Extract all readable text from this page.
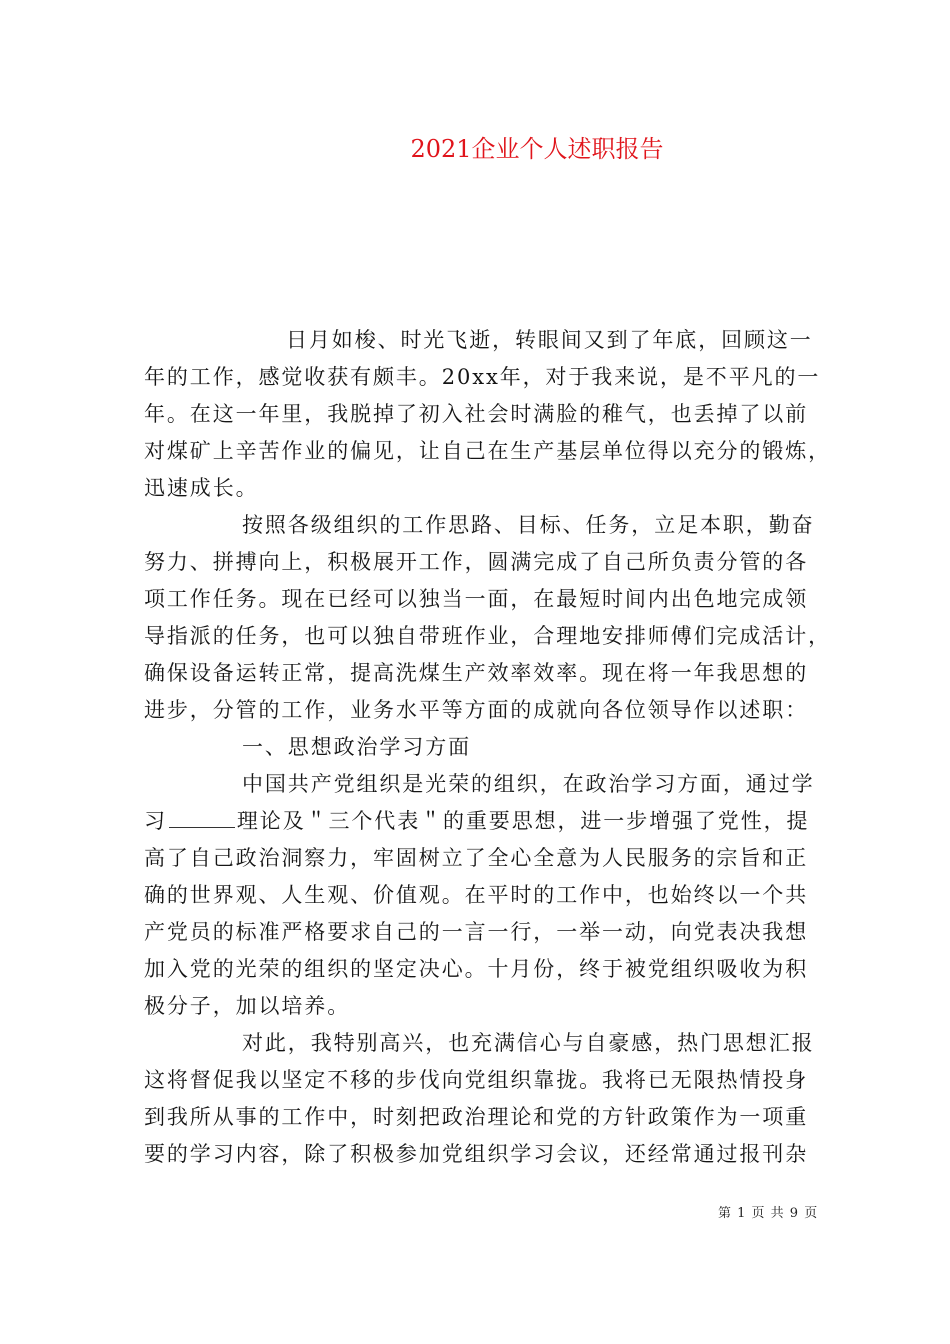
2021企业个人述职报告
日月如梭、时光飞逝，转眼间又到了年底，回顾这一
年的工作，感觉收获有颇丰。20xx年，对于我来说，是不平凡的一
年。在这一年里，我脱掉了初入社会时满脸的稚气，也丢掉了以前
对煤矿上辛苦作业的偏见，让自己在生产基层单位得以充分的锻炼，
迅速成长。
按照各级组织的工作思路、目标、任务，立足本职，勤奋
努力、拼搏向上，积极展开工作，圆满完成了自己所负责分管的各
项工作任务。现在已经可以独当一面，在最短时间内出色地完成领
导指派的任务，也可以独自带班作业，合理地安排师傅们完成活计，
确保设备运转正常，提高洗煤生产效率效率。现在将一年我思想的
进步，分管的工作，业务水平等方面的成就向各位领导作以述职：
一、思想政治学习方面
中国共产党组织是光荣的组织，在政治学习方面，通过学
习	理论及＂三个代表＂的重要思想，进一步增强了党性，提
高了自己政治洞察力，牢固树立了全心全意为人民服务的宗旨和正
确的世界观、人生观、价值观。在平时的工作中，也始终以一个共
产党员的标准严格要求自己的一言一行，一举一动，向党表决我想
加入党的光荣的组织的坚定决心。十月份，终于被党组织吸收为积
极分子，加以培养。
对此，我特别高兴，也充满信心与自豪感，热门思想汇报
这将督促我以坚定不移的步伐向党组织靠拢。我将已无限热情投身
到我所从事的工作中，时刻把政治理论和党的方针政策作为一项重
要的学习内容，除了积极参加党组织学习会议，还经常通过报刊杂
第 1 页 共 9 页
